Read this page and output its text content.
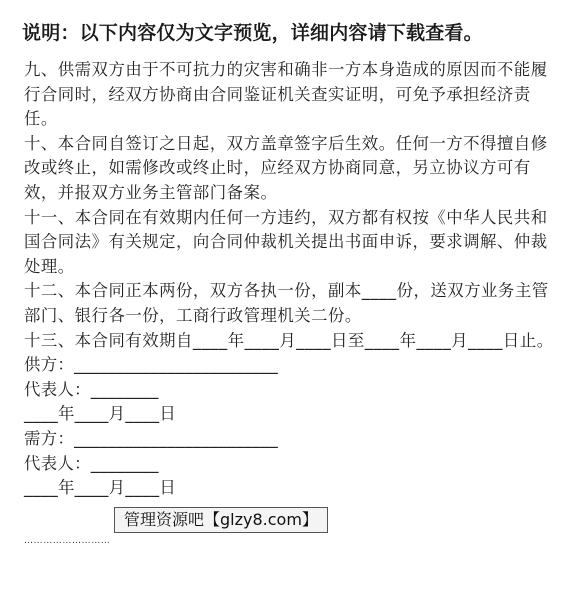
说明：以下内容仅为文字预览，详细内容请下载查看。

九、供需双方由于不可抗力的灾害和确非一方本身造成的原因而不能履行合同时，经双方协商由合同鉴证机关查实证明，可免予承担经济责任。

十、本合同自签订之日起，双方盖章签字后生效。任何一方不得擅自修改或终止，如需修改或终止时，应经双方协商同意，另立协议方可有效，并报双方业务主管部门备案。

十一、本合同在有效期内任何一方违约，双方都有权按《中华人民共和国合同法》有关规定，向合同仲裁机关提出书面申诉，要求调解、仲裁处理。

十二、本合同正本两份，双方各执一份，副本____份，送双方业务主管部门、银行各一份，工商行政管理机关二份。

十三、本合同有效期自____年____月____日至____年____月____日止。

供方：________________________

代表人：________

____年____月____日

需方：________________________

代表人：________

____年____月____日

管理资源吧【glzy8.com】
………………………
